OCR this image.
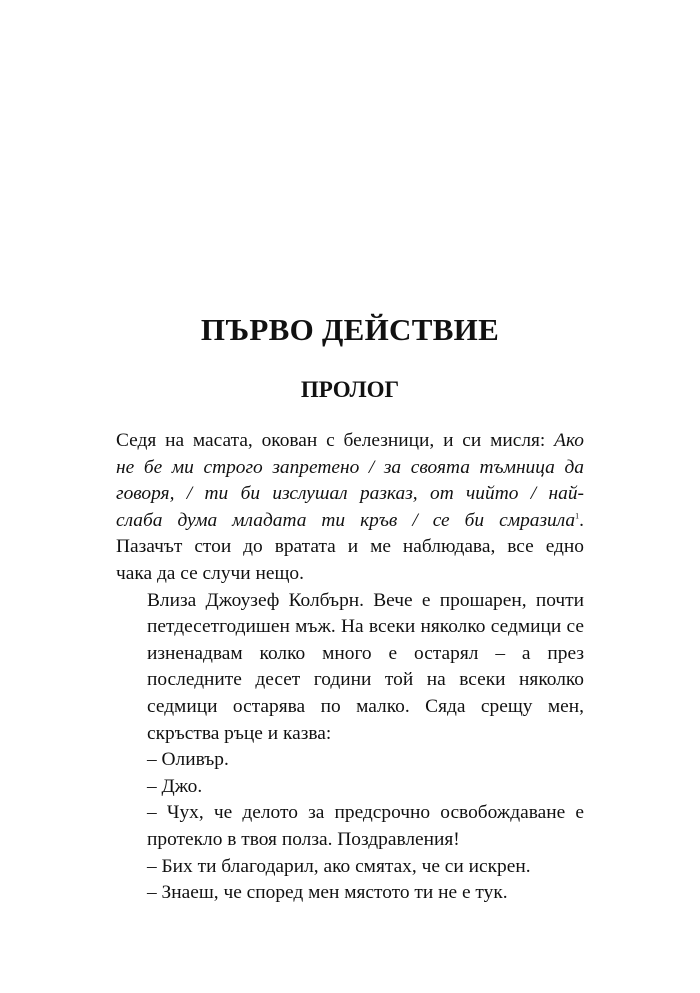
ПЪРВО ДЕЙСТВИЕ
ПРОЛОГ

Седя на масата, окован с белезници, и си мисля: Ако
не бе ми строго запретено / за своята тъмница да
говоря, / ти би изслушал разказ, от чийто / най-
слаба дума младата ти кръв / се би смразила$^1$.
Пазачът стои до вратата и ме наблюдава, все едно
чака да се случи нещо.

Влиза Джоузеф Колбърн. Вече е прошарен, почти
петдесетгодишен мъж. На всеки няколко седмици се
изненадвам колко много е остарял – а през
последните десет години той на всеки няколко
седмици остарява по малко. Сяда срещу мен,
скръства ръце и казва:

– Оливър.

– Джо.

– Чух, че делото за предсрочно освобождаване е
протекло в твоя полза. Поздравления!

– Бих ти благодарил, ако смятах, че си искрен.

– Знаеш, че според мен мястото ти не е тук.
